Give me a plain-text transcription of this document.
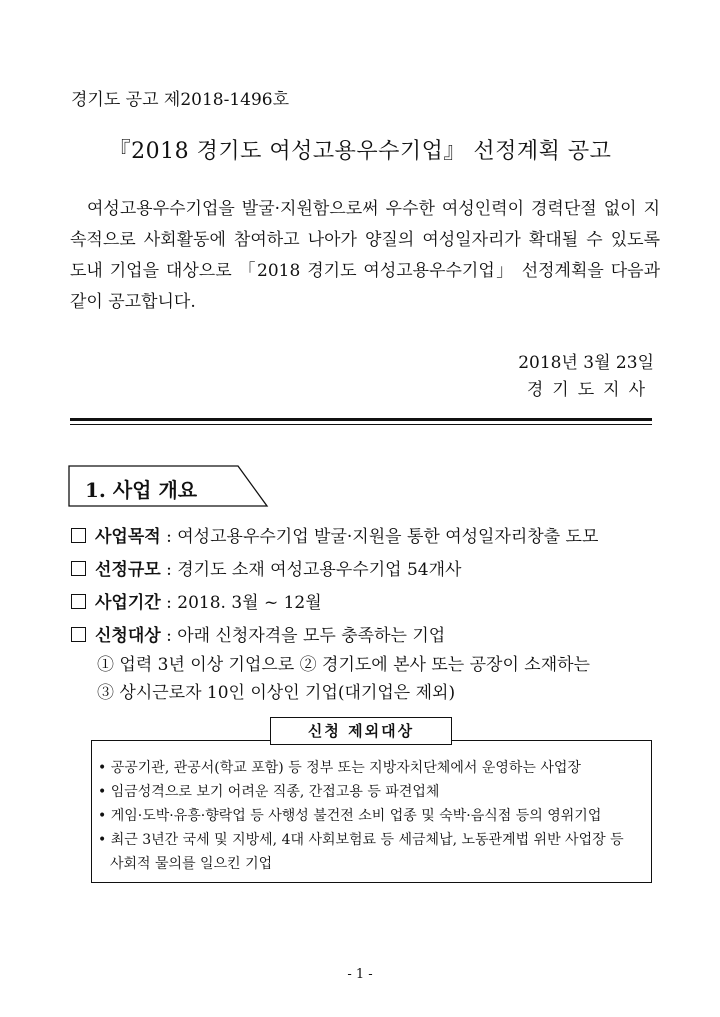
경기도 공고 제2018-1496호
『2018 경기도 여성고용우수기업』 선정계획 공고
여성고용우수기업을 발굴·지원함으로써 우수한 여성인력이 경력단절 없이 지속적으로 사회활동에 참여하고 나아가 양질의 여성일자리가 확대될 수 있도록 도내 기업을 대상으로 「2018 경기도 여성고용우수기업」 선정계획을 다음과 같이 공고합니다.
2018년 3월 23일
경기도지사
1. 사업 개요
사업목적 : 여성고용우수기업 발굴·지원을 통한 여성일자리창출 도모
선정규모 : 경기도 소재 여성고용우수기업 54개사
사업기간 : 2018. 3월 ~ 12월
신청대상 : 아래 신청자격을 모두 충족하는 기업
① 업력 3년 이상 기업으로 ② 경기도에 본사 또는 공장이 소재하는
③ 상시근로자 10인 이상인 기업(대기업은 제외)
신청 제외대상
• 공공기관, 관공서(학교 포함) 등 정부 또는 지방자치단체에서 운영하는 사업장
• 임금성격으로 보기 어려운 직종, 간접고용 등 파견업체
• 게임·도박·유흥·향락업 등 사행성 불건전 소비 업종 및 숙박·음식점 등의 영위기업
• 최근 3년간 국세 및 지방세, 4대 사회보험료 등 세금체납, 노동관계법 위반 사업장 등
사회적 물의를 일으킨 기업
- 1 -
